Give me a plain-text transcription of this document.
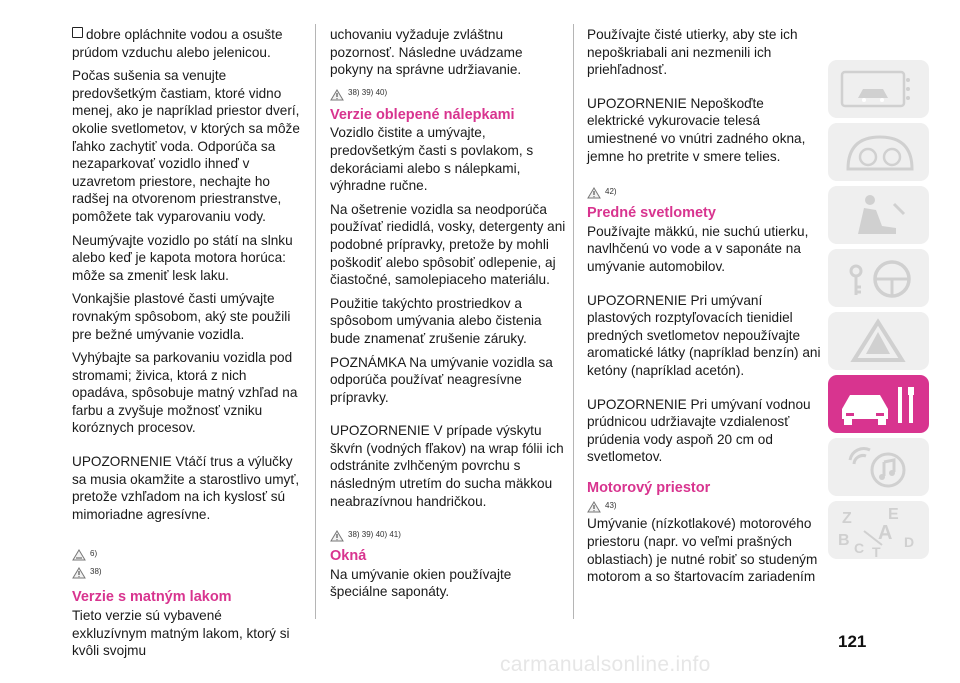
dobre opláchnite vodou a osušte prúdom vzduchu alebo jelenicou.

Počas sušenia sa venujte predovšetkým častiam, ktoré vidno menej, ako je napríklad priestor dverí, okolie svetlometov, v ktorých sa môže ľahko zachytiť voda. Odporúča sa nezaparkovať vozidlo ihneď v uzavretom priestore, nechajte ho radšej na otvorenom priestranstve, pomôžete tak vyparovaniu vody.

Neumývajte vozidlo po státí na slnku alebo keď je kapota motora horúca: môže sa zmeniť lesk laku.

Vonkajšie plastové časti umývajte rovnakým spôsobom, aký ste použili pre bežné umývanie vozidla.

Vyhýbajte sa parkovaniu vozidla pod stromami; živica, ktorá z nich opadáva, spôsobuje matný vzhľad na farbu a zvyšuje možnosť vzniku koróznych procesov.

UPOZORNENIE Vtáčí trus a výlučky sa musia okamžite a starostlivo umyť, pretože vzhľadom na ich kyslosť sú mimoriadne agresívne.

6)
38)
Verzie s matným lakom

Tieto verzie sú vybavené exkluzívnym matným lakom, ktorý si kvôli svojmu

uchovaniu vyžaduje zvláštnu pozornosť. Následne uvádzame pokyny na správne udržiavanie.

38) 39) 40)
Verzie oblepené nálepkami

Vozidlo čistite a umývajte, predovšetkým časti s povlakom, s dekoráciami alebo s nálepkami, výhradne ručne.

Na ošetrenie vozidla sa neodporúča používať riedidlá, vosky, detergenty ani podobné prípravky, pretože by mohli poškodiť alebo spôsobiť odlepenie, aj čiastočné, samolepiaceho materiálu.

Použitie takýchto prostriedkov a spôsobom umývania alebo čistenia bude znamenať zrušenie záruky.

POZNÁMKA Na umývanie vozidla sa odporúča používať neagresívne prípravky.

UPOZORNENIE V prípade výskytu škvŕn (vodných fľakov) na wrap fólii ich odstránite zvlhčeným povrchu s následným utretím do sucha mäkkou neabrazívnou handričkou.

38) 39) 40) 41)
Okná

Na umývanie okien používajte špeciálne saponáty.

Používajte čisté utierky, aby ste ich nepoškriabali ani nezmenili ich priehľadnosť.

UPOZORNENIE Nepoškoďte elektrické vykurovacie telesá umiestnené vo vnútri zadného okna, jemne ho pretrite v smere telies.

42)
Predné svetlomety

Používajte mäkkú, nie suchú utierku, navlhčenú vo vode a v saponáte na umývanie automobilov.

UPOZORNENIE Pri umývaní plastových rozptyľovacích tienidiel predných svetlometov nepoužívajte aromatické látky (napríklad benzín) ani ketóny (napríklad acetón).

UPOZORNENIE Pri umývaní vodnou prúdnicou udržiavajte vzdialenosť prúdenia vody aspoň 20 cm od svetlometov.

Motorový priestor
43)

Umývanie (nízkotlakové) motorového priestoru (napr. vo veľmi prašných oblastiach) je nutné robiť so studeným motorom a so štartovacím zariadením

Z E
B A
C T
D
121
carmanualsonline.info
